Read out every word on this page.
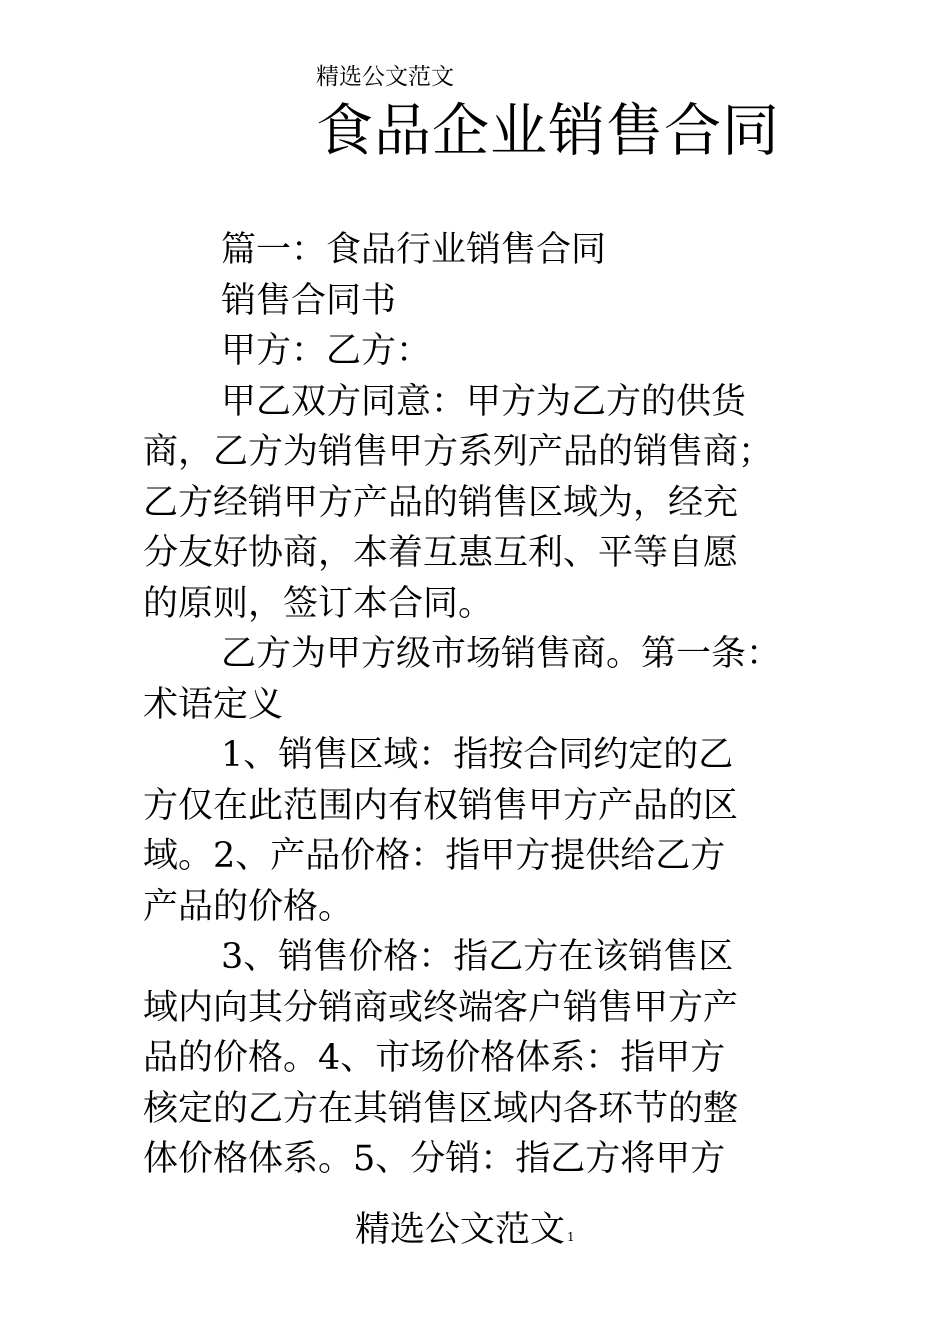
精选公文范文
食品企业销售合同
篇一：食品行业销售合同
销售合同书
甲方：乙方：
甲乙双方同意：甲方为乙方的供货
商，乙方为销售甲方系列产品的销售商；
乙方经销甲方产品的销售区域为，经充
分友好协商，本着互惠互利、平等自愿
的原则，签订本合同。
乙方为甲方级市场销售商。第一条：
术语定义
1、销售区域：指按合同约定的乙
方仅在此范围内有权销售甲方产品的区
域。2、产品价格：指甲方提供给乙方
产品的价格。
3、销售价格：指乙方在该销售区
域内向其分销商或终端客户销售甲方产
品的价格。4、市场价格体系：指甲方
核定的乙方在其销售区域内各环节的整
体价格体系。5、分销：指乙方将甲方
精选公文范文 1
